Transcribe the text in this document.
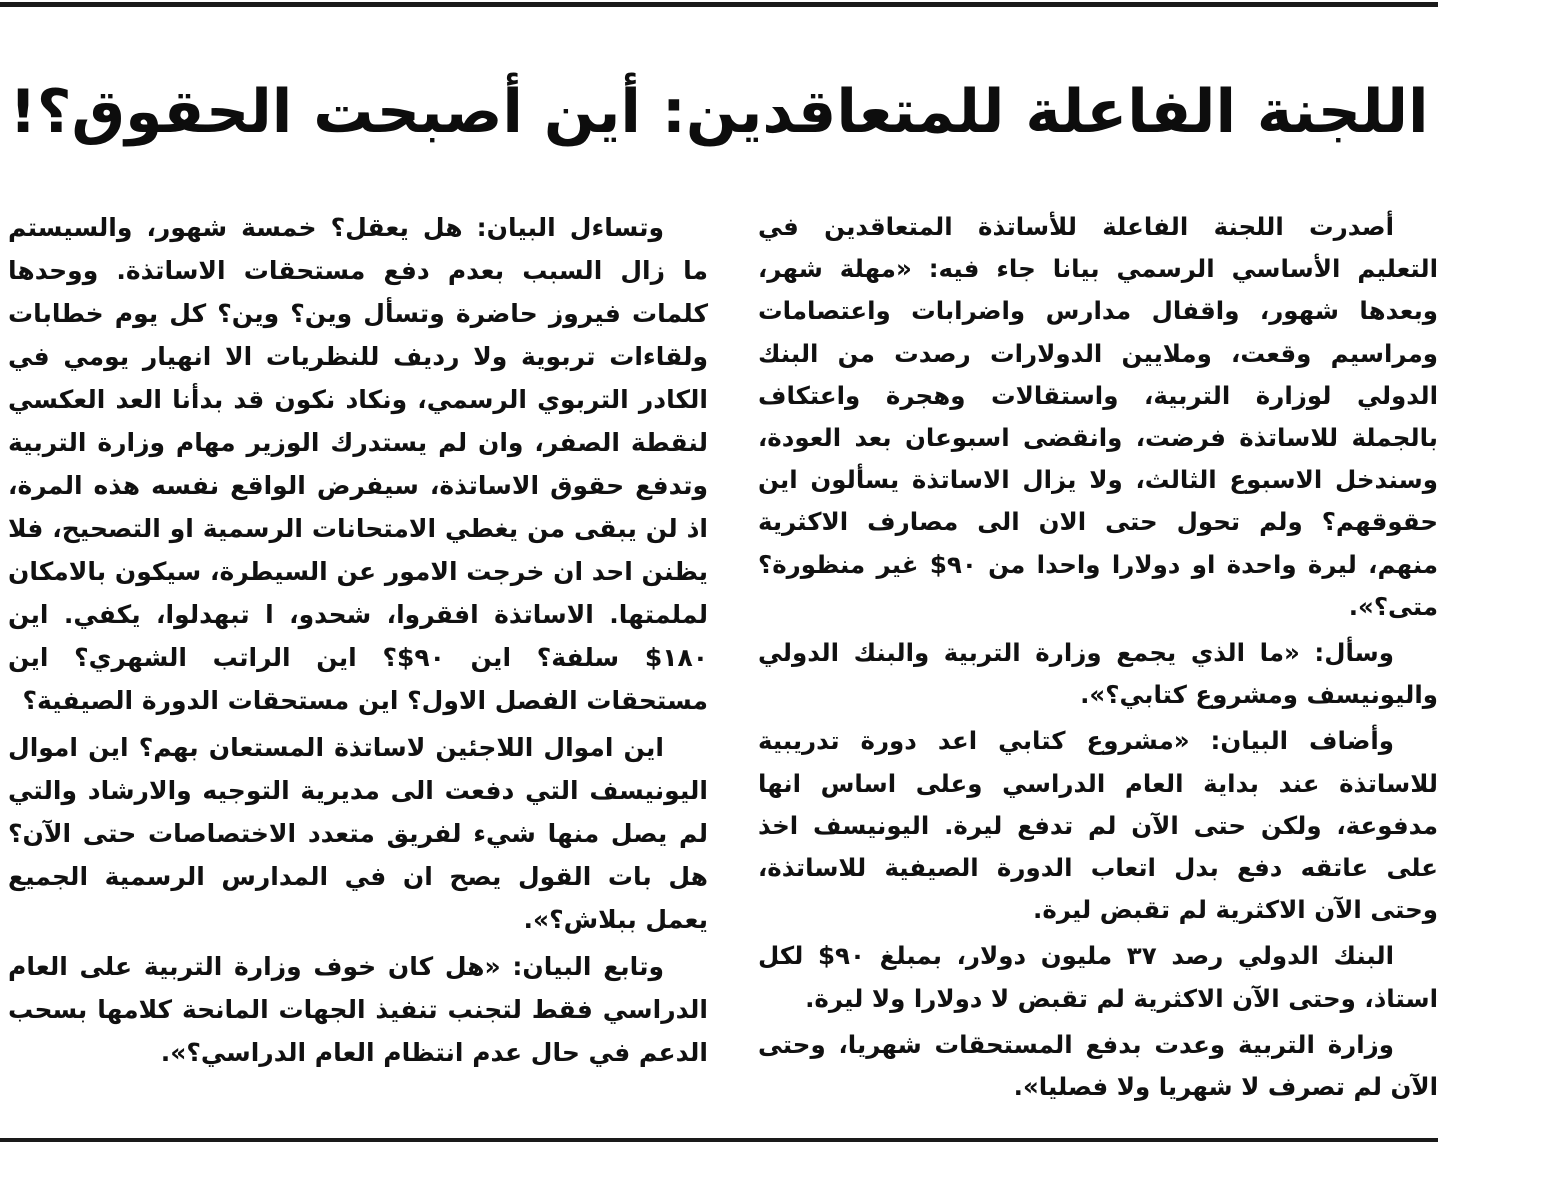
اللجنة الفاعلة للمتعاقدين: أين أصبحت الحقوق؟!

أصدرت اللجنة الفاعلة للأساتذة المتعاقدين في التعليم الأساسي الرسمي بيانا جاء فيه: «مهلة شهر، وبعدها شهور، واقفال مدارس واضرابات واعتصامات ومراسيم وقعت، وملايين الدولارات رصدت من البنك الدولي لوزارة التربية، واستقالات وهجرة واعتكاف بالجملة للاساتذة فرضت، وانقضى اسبوعان بعد العودة، وسندخل الاسبوع الثالث، ولا يزال الاساتذة يسألون اين حقوقهم؟ ولم تحول حتى الان الى مصارف الاكثرية منهم، ليرة واحدة او دولارا واحدا من ٩٠$ غير منظورة؟ متى؟».

وسأل: «ما الذي يجمع وزارة التربية والبنك الدولي واليونيسف ومشروع كتابي؟».

وأضاف البيان: «مشروع كتابي اعد دورة تدريبية للاساتذة عند بداية العام الدراسي وعلى اساس انها مدفوعة، ولكن حتى الآن لم تدفع ليرة. اليونيسف اخذ على عاتقه دفع بدل اتعاب الدورة الصيفية للاساتذة، وحتى الآن الاكثرية لم تقبض ليرة.

البنك الدولي رصد ٣٧ مليون دولار، بمبلغ ٩٠$ لكل استاذ، وحتى الآن الاكثرية لم تقبض لا دولارا ولا ليرة.

وزارة التربية وعدت بدفع المستحقات شهريا، وحتى الآن لم تصرف لا شهريا ولا فصليا».

وتساءل البيان: هل يعقل؟ خمسة شهور، والسيستم ما زال السبب بعدم دفع مستحقات الاساتذة. ووحدها كلمات فيروز حاضرة وتسأل وين؟ وين؟ كل يوم خطابات ولقاءات تربوية ولا رديف للنظريات الا انهيار يومي في الكادر التربوي الرسمي، ونكاد نكون قد بدأنا العد العكسي لنقطة الصفر، وان لم يستدرك الوزير مهام وزارة التربية وتدفع حقوق الاساتذة، سيفرض الواقع نفسه هذه المرة، اذ لن يبقى من يغطي الامتحانات الرسمية او التصحيح، فلا يظنن احد ان خرجت الامور عن السيطرة، سيكون بالامكان لملمتها. الاساتذة افقروا، شحدو، ا تبهدلوا، يكفي. اين ١٨٠$ سلفة؟ اين ٩٠$؟ اين الراتب الشهري؟ اين مستحقات الفصل الاول؟ اين مستحقات الدورة الصيفية؟

اين اموال اللاجئين لاساتذة المستعان بهم؟ اين اموال اليونيسف التي دفعت الى مديرية التوجيه والارشاد والتي لم يصل منها شيء لفريق متعدد الاختصاصات حتى الآن؟ هل بات القول يصح ان في المدارس الرسمية الجميع يعمل ببلاش؟».

وتابع البيان: «هل كان خوف وزارة التربية على العام الدراسي فقط لتجنب تنفيذ الجهات المانحة كلامها بسحب الدعم في حال عدم انتظام العام الدراسي؟».
